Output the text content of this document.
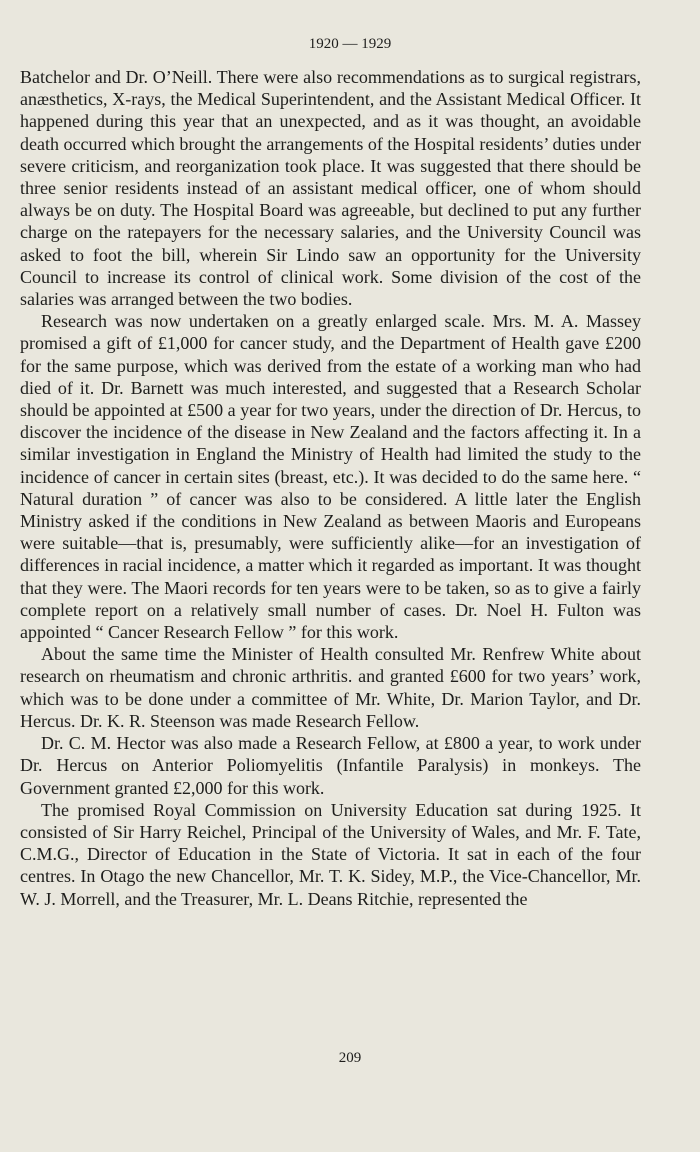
1920 — 1929

Batchelor and Dr. O’Neill. There were also recommendations as to surgical registrars, anæsthetics, X-rays, the Medical Superintendent, and the Assistant Medical Officer. It happened during this year that an unexpected, and as it was thought, an avoidable death occurred which brought the arrangements of the Hospital residents’ duties under severe criticism, and reorganization took place. It was suggested that there should be three senior residents instead of an assistant medical officer, one of whom should always be on duty. The Hospital Board was agreeable, but declined to put any further charge on the ratepayers for the necessary salaries, and the University Council was asked to foot the bill, wherein Sir Lindo saw an opportunity for the University Council to increase its control of clinical work. Some division of the cost of the salaries was arranged between the two bodies.

Research was now undertaken on a greatly enlarged scale. Mrs. M. A. Massey promised a gift of £1,000 for cancer study, and the Department of Health gave £200 for the same purpose, which was derived from the estate of a working man who had died of it. Dr. Barnett was much interested, and suggested that a Research Scholar should be appointed at £500 a year for two years, under the direction of Dr. Hercus, to discover the incidence of the disease in New Zealand and the factors affecting it. In a similar investigation in England the Ministry of Health had limited the study to the incidence of cancer in certain sites (breast, etc.). It was decided to do the same here. “ Natural duration ” of cancer was also to be considered. A little later the English Ministry asked if the conditions in New Zealand as between Maoris and Europeans were suitable—that is, presumably, were sufficiently alike—for an investigation of differences in racial incidence, a matter which it regarded as important. It was thought that they were. The Maori records for ten years were to be taken, so as to give a fairly complete report on a relatively small number of cases. Dr. Noel H. Fulton was appointed “ Cancer Research Fellow ” for this work.

About the same time the Minister of Health consulted Mr. Renfrew White about research on rheumatism and chronic arthritis. and granted £600 for two years’ work, which was to be done under a committee of Mr. White, Dr. Marion Taylor, and Dr. Hercus. Dr. K. R. Steenson was made Research Fellow.

Dr. C. M. Hector was also made a Research Fellow, at £800 a year, to work under Dr. Hercus on Anterior Poliomyelitis (Infantile Paralysis) in monkeys. The Government granted £2,000 for this work.

The promised Royal Commission on University Education sat during 1925. It consisted of Sir Harry Reichel, Principal of the University of Wales, and Mr. F. Tate, C.M.G., Director of Education in the State of Victoria. It sat in each of the four centres. In Otago the new Chancellor, Mr. T. K. Sidey, M.P., the Vice-Chancellor, Mr. W. J. Morrell, and the Treasurer, Mr. L. Deans Ritchie, represented the

209
